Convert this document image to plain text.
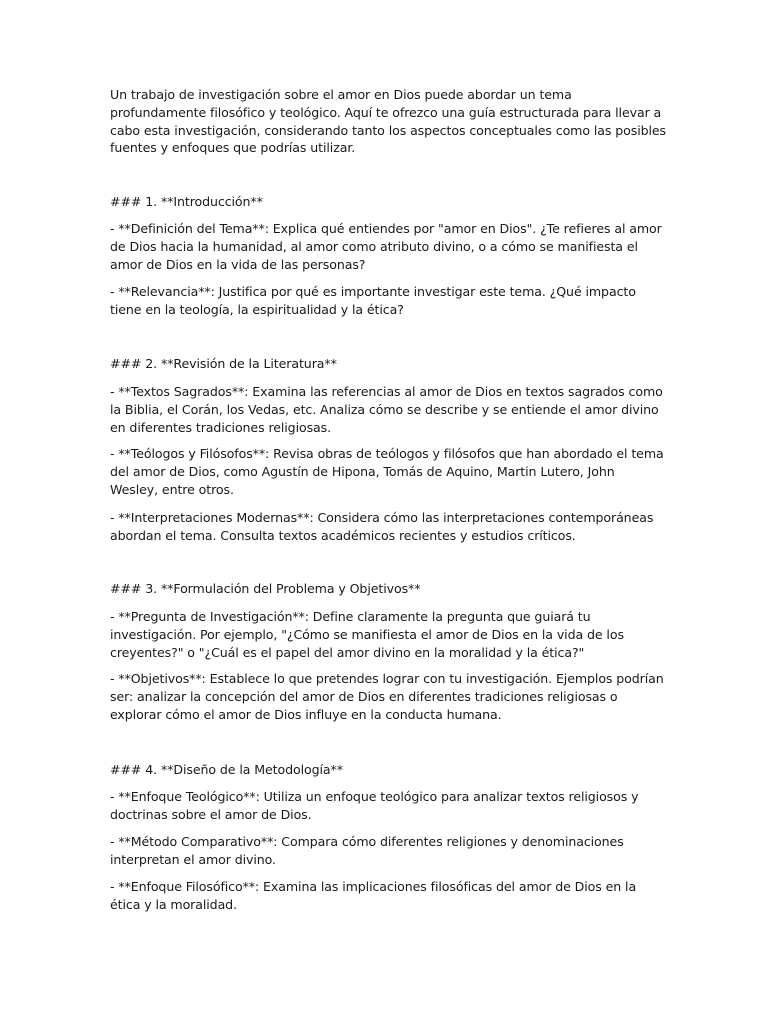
Un trabajo de investigación sobre el amor en Dios puede abordar un tema profundamente filosófico y teológico. Aquí te ofrezco una guía estructurada para llevar a cabo esta investigación, considerando tanto los aspectos conceptuales como las posibles fuentes y enfoques que podrías utilizar.

### 1. **Introducción**

- **Definición del Tema**: Explica qué entiendes por "amor en Dios". ¿Te refieres al amor de Dios hacia la humanidad, al amor como atributo divino, o a cómo se manifiesta el amor de Dios en la vida de las personas?

- **Relevancia**: Justifica por qué es importante investigar este tema. ¿Qué impacto tiene en la teología, la espiritualidad y la ética?

### 2. **Revisión de la Literatura**

- **Textos Sagrados**: Examina las referencias al amor de Dios en textos sagrados como la Biblia, el Corán, los Vedas, etc. Analiza cómo se describe y se entiende el amor divino en diferentes tradiciones religiosas.

- **Teólogos y Filósofos**: Revisa obras de teólogos y filósofos que han abordado el tema del amor de Dios, como Agustín de Hipona, Tomás de Aquino, Martin Lutero, John Wesley, entre otros.

- **Interpretaciones Modernas**: Considera cómo las interpretaciones contemporáneas abordan el tema. Consulta textos académicos recientes y estudios críticos.

### 3. **Formulación del Problema y Objetivos**

- **Pregunta de Investigación**: Define claramente la pregunta que guiará tu investigación. Por ejemplo, "¿Cómo se manifiesta el amor de Dios en la vida de los creyentes?" o "¿Cuál es el papel del amor divino en la moralidad y la ética?"

- **Objetivos**: Establece lo que pretendes lograr con tu investigación. Ejemplos podrían ser: analizar la concepción del amor de Dios en diferentes tradiciones religiosas o explorar cómo el amor de Dios influye en la conducta humana.

### 4. **Diseño de la Metodología**

- **Enfoque Teológico**: Utiliza un enfoque teológico para analizar textos religiosos y doctrinas sobre el amor de Dios.

- **Método Comparativo**: Compara cómo diferentes religiones y denominaciones interpretan el amor divino.

- **Enfoque Filosófico**: Examina las implicaciones filosóficas del amor de Dios en la ética y la moralidad.
